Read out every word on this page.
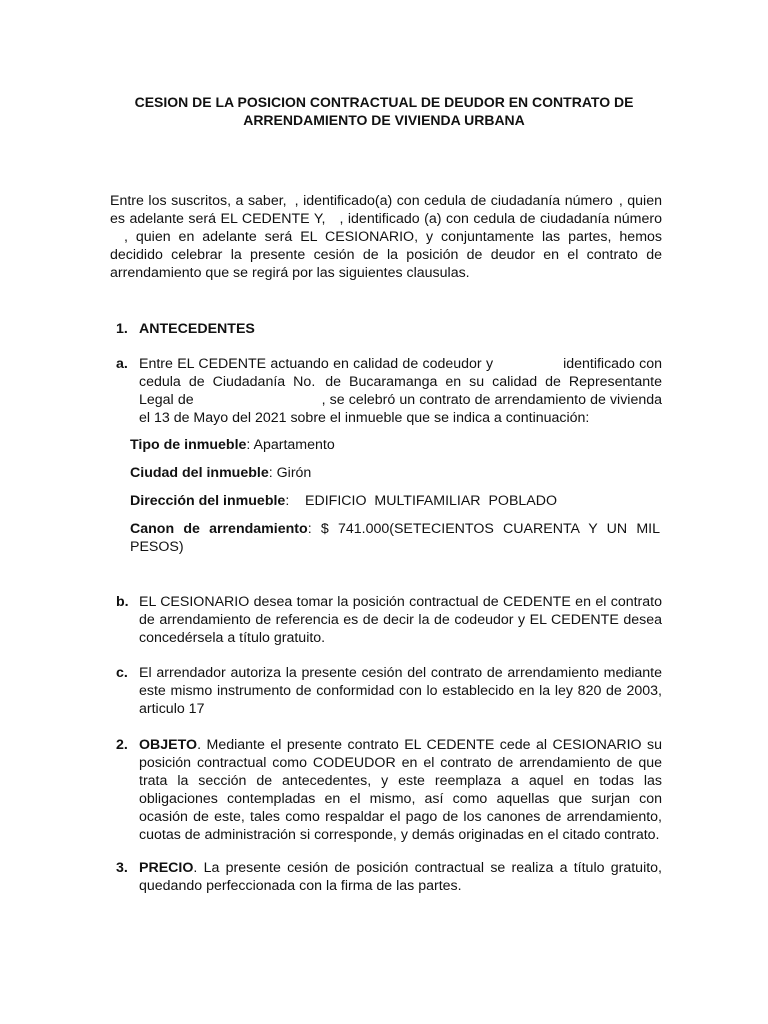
CESION DE LA POSICION CONTRACTUAL DE DEUDOR EN CONTRATO DE
ARRENDAMIENTO DE VIVIENDA URBANA

Entre los suscritos, a saber, , identificado(a) con cedula de ciudadanía número , quien es adelante será EL CEDENTE Y, , identificado (a) con cedula de ciudadanía número, quien en adelante será EL CESIONARIO, y conjuntamente las partes, hemos decidido celebrar la presente cesión de la posición de deudor en el contrato de arrendamiento que se regirá por las siguientes clausulas.

1. ANTECEDENTES
a. Entre EL CEDENTE actuando en calidad de codeudor y	identificado con cedula de Ciudadanía No. de Bucaramanga en su calidad de Representante Legal de	, se celebró un contrato de arrendamiento de vivienda el 13 de Mayo del 2021 sobre el inmueble que se indica a continuación:

Tipo de inmueble: Apartamento

Ciudad del inmueble: Girón

Dirección del inmueble:    EDIFICIO  MULTIFAMILIAR  POBLADO

Canon de arrendamiento: $ 741.000(SETECIENTOS CUARENTA Y UN MIL PESOS)

b. EL CESIONARIO desea tomar la posición contractual de CEDENTE en el contrato de arrendamiento de referencia es de decir la de codeudor y EL CEDENTE desea concedérsela a título gratuito.
c. El arrendador autoriza la presente cesión del contrato de arrendamiento mediante este mismo instrumento de conformidad con lo establecido en la ley 820 de 2003, articulo 17
2. OBJETO. Mediante el presente contrato EL CEDENTE cede al CESIONARIO su posición contractual como CODEUDOR en el contrato de arrendamiento de que trata la sección de antecedentes, y este reemplaza a aquel en todas las obligaciones contempladas en el mismo, así como aquellas que surjan con ocasión de este, tales como respaldar el pago de los canones de arrendamiento, cuotas de administración si corresponde, y demás originadas en el citado contrato.
3. PRECIO. La presente cesión de posición contractual se realiza a título gratuito, quedando perfeccionada con la firma de las partes.
